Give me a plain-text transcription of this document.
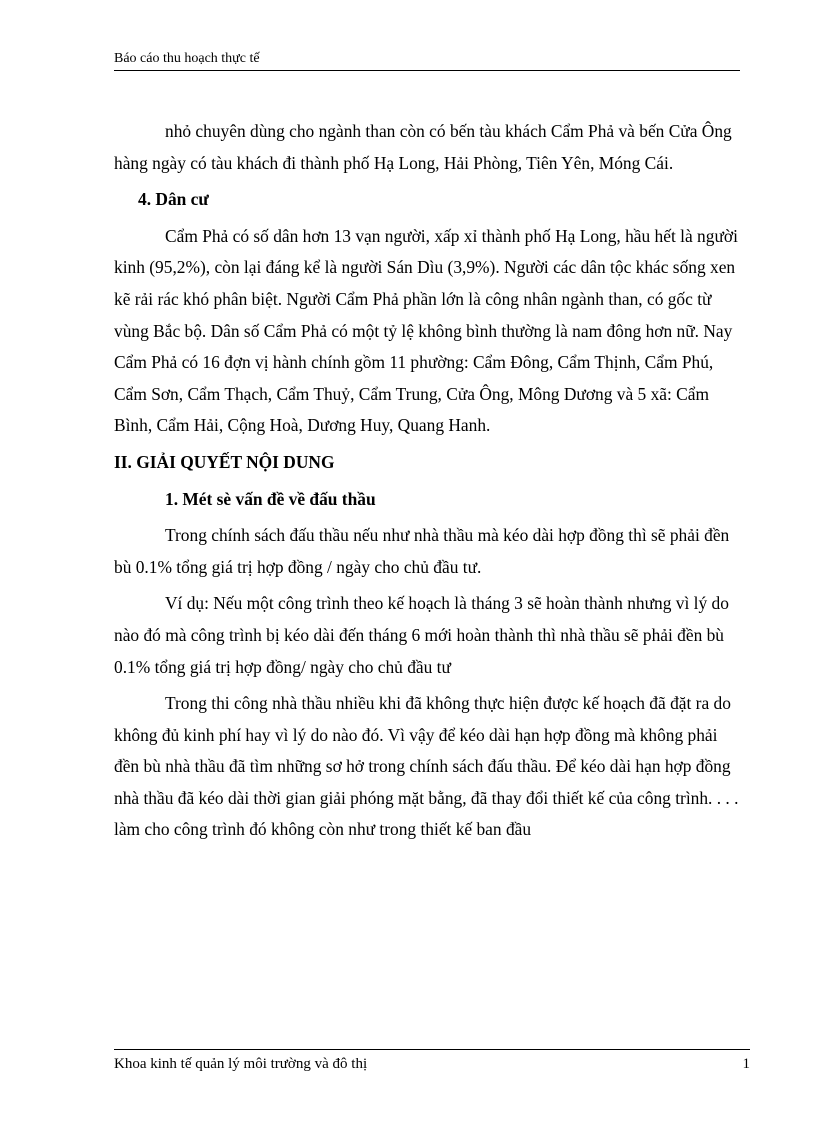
Báo cáo thu hoạch thực tế

nhỏ chuyên dùng cho ngành than còn có bến tàu khách Cẩm Phả và bến Cửa Ông hàng ngày có tàu khách đi thành phố Hạ Long, Hải Phòng, Tiên Yên, Móng Cái.

4. Dân cư

Cẩm Phả có số dân hơn 13 vạn người, xấp xỉ thành phố Hạ Long, hầu hết là người kinh (95,2%), còn lại đáng kể là người Sán Dìu (3,9%). Người các dân tộc khác sống xen kẽ rải rác khó phân biệt. Người Cẩm Phả phần lớn là công nhân ngành than, có gốc từ vùng Bắc bộ. Dân số Cẩm Phả có một tỷ lệ không bình thường là nam đông hơn nữ. Nay Cẩm Phả có 16 đợn vị hành chính gồm 11 phường: Cẩm Đông, Cẩm Thịnh, Cẩm Phú, Cẩm Sơn, Cẩm Thạch, Cẩm Thuỷ, Cẩm Trung, Cửa Ông, Mông Dương và 5 xã: Cẩm Bình, Cẩm Hải, Cộng Hoà, Dương Huy, Quang Hanh.

II. GIẢI QUYẾT NỘI DUNG
1. Mét sè vấn đề về đấu thầu

Trong chính sách đấu thầu nếu như nhà thầu mà kéo dài hợp đồng thì sẽ phải đền bù 0.1% tổng giá trị hợp đồng / ngày cho chủ đầu tư.

Ví dụ: Nếu một công trình theo kế hoạch là tháng 3 sẽ hoàn thành nhưng vì lý do nào đó mà công trình bị kéo dài đến tháng 6 mới hoàn thành thì nhà thầu sẽ phải đền bù 0.1% tổng giá trị hợp đồng/ ngày cho chủ đầu tư

Trong thi công nhà thầu nhiều khi đã không thực hiện được kế hoạch đã đặt ra do không đủ kinh phí hay vì lý do nào đó. Vì vậy để kéo dài hạn hợp đồng mà không phải đền bù nhà thầu đã tìm những sơ hở trong chính sách đấu thầu. Để kéo dài hạn hợp đồng nhà thầu đã kéo dài thời gian giải phóng mặt bằng, đã thay đổi thiết kế của công trình. . . . làm cho công trình đó không còn như trong thiết kế ban đầu

Khoa kinh tế quản lý môi trường và đô thị	1
